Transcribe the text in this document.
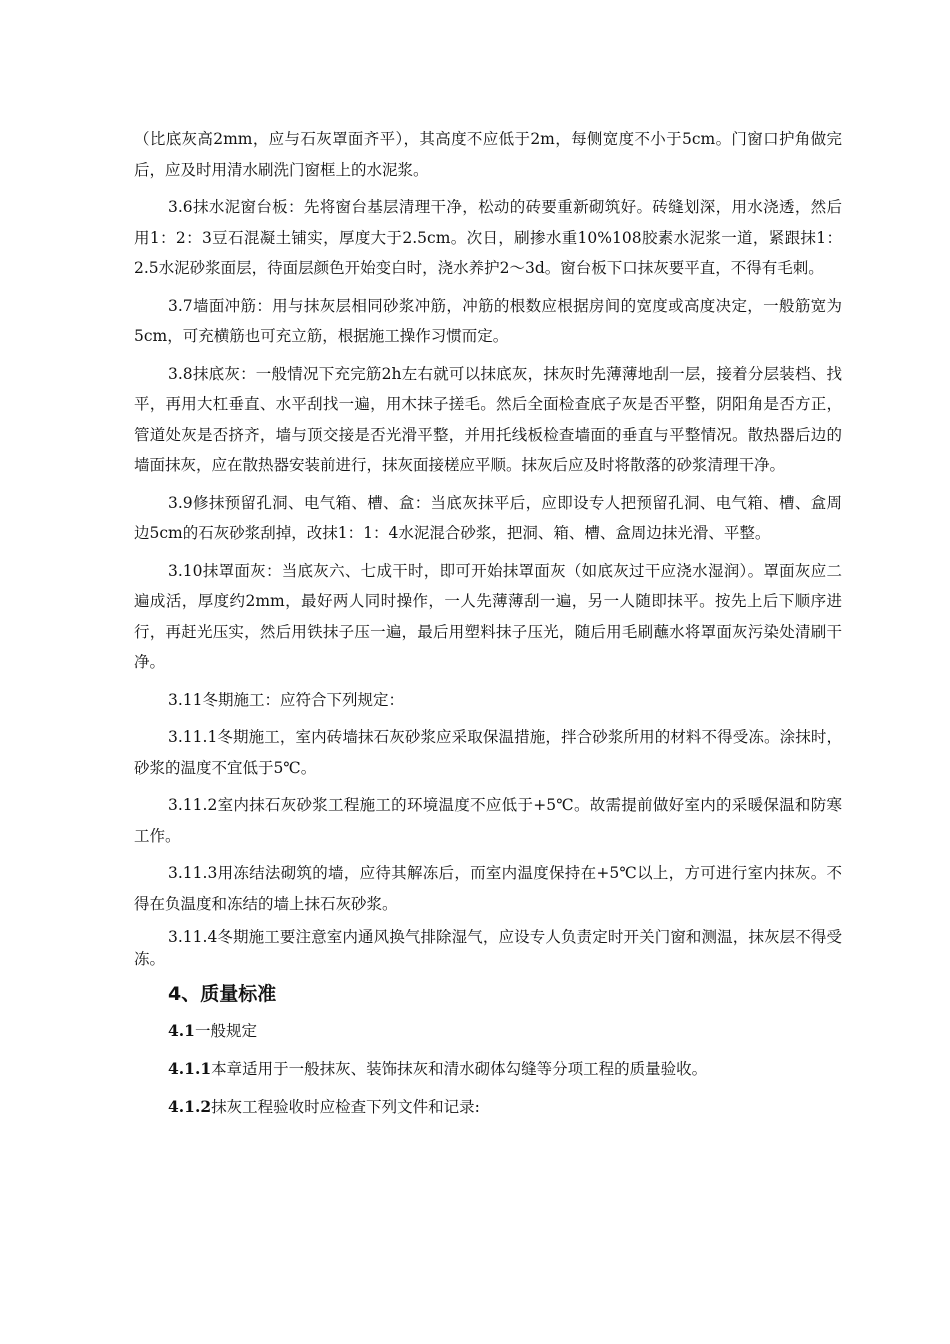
（比底灰高2mm，应与石灰罩面齐平），其高度不应低于2m，每侧宽度不小于5cm。门窗口护角做完后，应及时用清水刷洗门窗框上的水泥浆。

3.6抹水泥窗台板：先将窗台基层清理干净，松动的砖要重新砌筑好。砖缝划深，用水浇透，然后用1：2：3豆石混凝土铺实，厚度大于2.5cm。次日，刷掺水重10%108胶素水泥浆一道，紧跟抹1：2.5水泥砂浆面层，待面层颜色开始变白时，浇水养护2～3d。窗台板下口抹灰要平直，不得有毛刺。

3.7墙面冲筋：用与抹灰层相同砂浆冲筋，冲筋的根数应根据房间的宽度或高度决定，一般筋宽为5cm，可充横筋也可充立筋，根据施工操作习惯而定。

3.8抹底灰：一般情况下充完筋2h左右就可以抹底灰，抹灰时先薄薄地刮一层，接着分层装档、找平，再用大杠垂直、水平刮找一遍，用木抹子搓毛。然后全面检查底子灰是否平整，阴阳角是否方正，管道处灰是否挤齐，墙与顶交接是否光滑平整，并用托线板检查墙面的垂直与平整情况。散热器后边的墙面抹灰，应在散热器安装前进行，抹灰面接槎应平顺。抹灰后应及时将散落的砂浆清理干净。

3.9修抹预留孔洞、电气箱、槽、盒：当底灰抹平后，应即设专人把预留孔洞、电气箱、槽、盒周边5cm的石灰砂浆刮掉，改抹1：1：4水泥混合砂浆，把洞、箱、槽、盒周边抹光滑、平整。

3.10抹罩面灰：当底灰六、七成干时，即可开始抹罩面灰（如底灰过干应浇水湿润）。罩面灰应二遍成活，厚度约2mm，最好两人同时操作，一人先薄薄刮一遍，另一人随即抹平。按先上后下顺序进行，再赶光压实，然后用铁抹子压一遍，最后用塑料抹子压光，随后用毛刷蘸水将罩面灰污染处清刷干净。

3.11冬期施工：应符合下列规定：

3.11.1冬期施工，室内砖墙抹石灰砂浆应采取保温措施，拌合砂浆所用的材料不得受冻。涂抹时，砂浆的温度不宜低于5℃。

3.11.2室内抹石灰砂浆工程施工的环境温度不应低于+5℃。故需提前做好室内的采暖保温和防寒工作。

3.11.3用冻结法砌筑的墙，应待其解冻后，而室内温度保持在+5℃以上，方可进行室内抹灰。不得在负温度和冻结的墙上抹石灰砂浆。

3.11.4冬期施工要注意室内通风换气排除湿气，应设专人负责定时开关门窗和测温，抹灰层不得受冻。

4、质量标准

4.1一般规定

4.1.1本章适用于一般抹灰、装饰抹灰和清水砌体勾缝等分项工程的质量验收。

4.1.2抹灰工程验收时应检查下列文件和记录:
